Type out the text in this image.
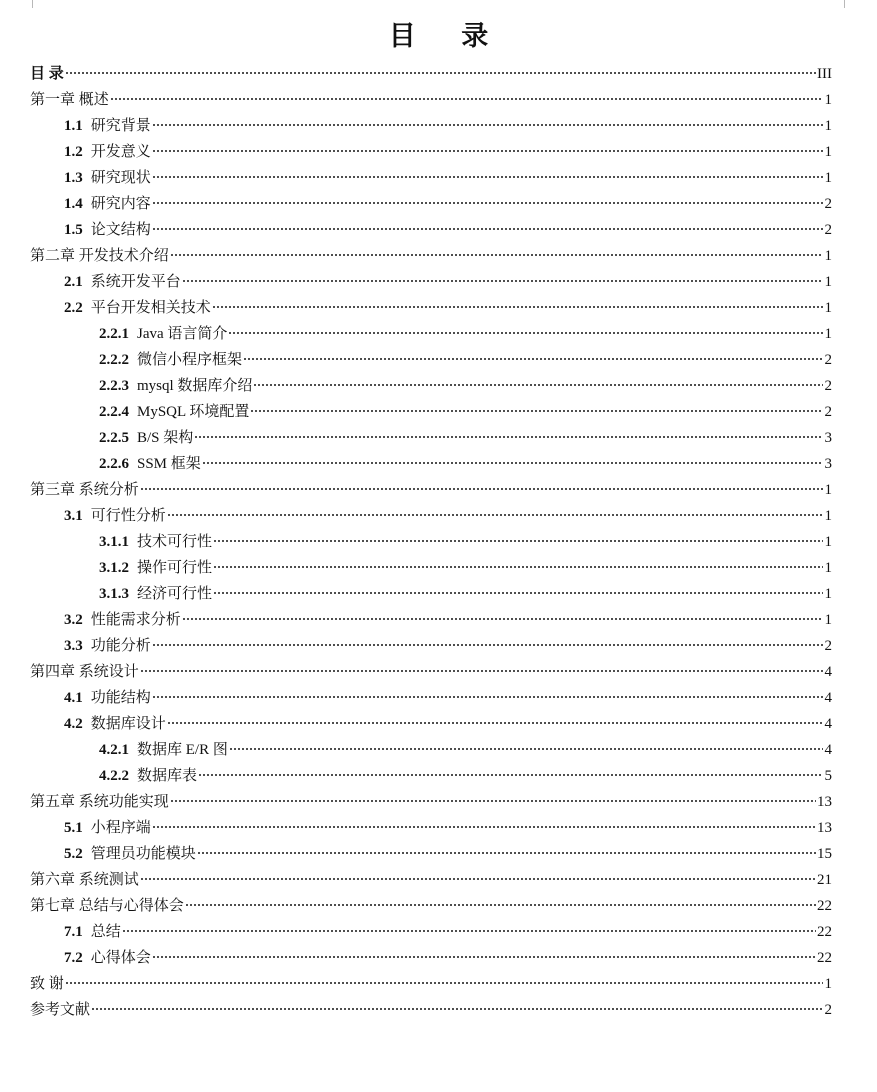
目 录
目 录	III
第一章 概述	1
1.1 研究背景	1
1.2 开发意义	1
1.3 研究现状	1
1.4 研究内容	2
1.5 论文结构	2
第二章 开发技术介绍	1
2.1 系统开发平台	1
2.2 平台开发相关技术	1
2.2.1 Java 语言简介	1
2.2.2 微信小程序框架	2
2.2.3 mysql 数据库介绍	2
2.2.4 MySQL 环境配置	2
2.2.5 B/S 架构	3
2.2.6 SSM 框架	3
第三章 系统分析	1
3.1 可行性分析	1
3.1.1 技术可行性	1
3.1.2 操作可行性	1
3.1.3 经济可行性	1
3.2 性能需求分析	1
3.3 功能分析	2
第四章 系统设计	4
4.1 功能结构	4
4.2 数据库设计	4
4.2.1 数据库 E/R 图	4
4.2.2 数据库表	5
第五章 系统功能实现	13
5.1 小程序端	13
5.2 管理员功能模块	15
第六章 系统测试	21
第七章 总结与心得体会	22
7.1 总结	22
7.2 心得体会	22
致 谢	1
参考文献	2
